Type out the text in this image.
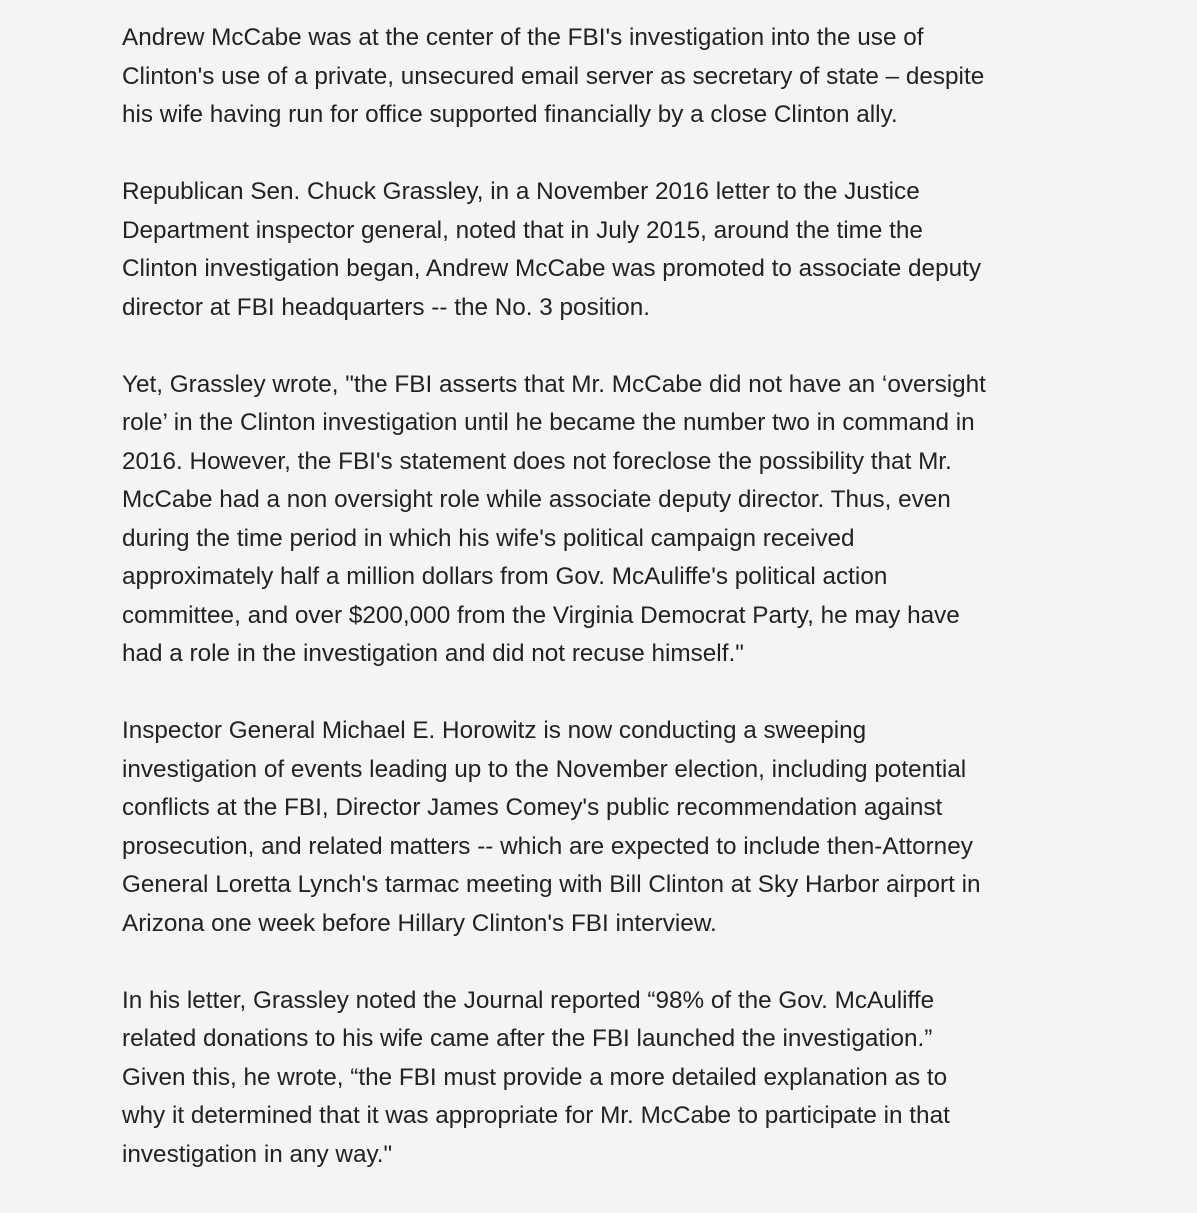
Andrew McCabe was at the center of the FBI's investigation into the use of
Clinton's use of a private, unsecured email server as secretary of state – despite
his wife having run for office supported financially by a close Clinton ally.

Republican Sen. Chuck Grassley, in a November 2016 letter to the Justice
Department inspector general, noted that in July 2015, around the time the
Clinton investigation began, Andrew McCabe was promoted to associate deputy
director at FBI headquarters -- the No. 3 position.

Yet, Grassley wrote, "the FBI asserts that Mr. McCabe did not have an ‘oversight
role’ in the Clinton investigation until he became the number two in command in
2016. However, the FBI's statement does not foreclose the possibility that Mr.
McCabe had a non oversight role while associate deputy director. Thus, even
during the time period in which his wife's political campaign received
approximately half a million dollars from Gov. McAuliffe's political action
committee, and over $200,000 from the Virginia Democrat Party, he may have
had a role in the investigation and did not recuse himself."

Inspector General Michael E. Horowitz is now conducting a sweeping
investigation of events leading up to the November election, including potential
conflicts at the FBI, Director James Comey's public recommendation against
prosecution, and related matters -- which are expected to include then-Attorney
General Loretta Lynch's tarmac meeting with Bill Clinton at Sky Harbor airport in
Arizona one week before Hillary Clinton's FBI interview.

In his letter, Grassley noted the Journal reported “98% of the Gov. McAuliffe
related donations to his wife came after the FBI launched the investigation.”
Given this, he wrote, “the FBI must provide a more detailed explanation as to
why it determined that it was appropriate for Mr. McCabe to participate in that
investigation in any way."
